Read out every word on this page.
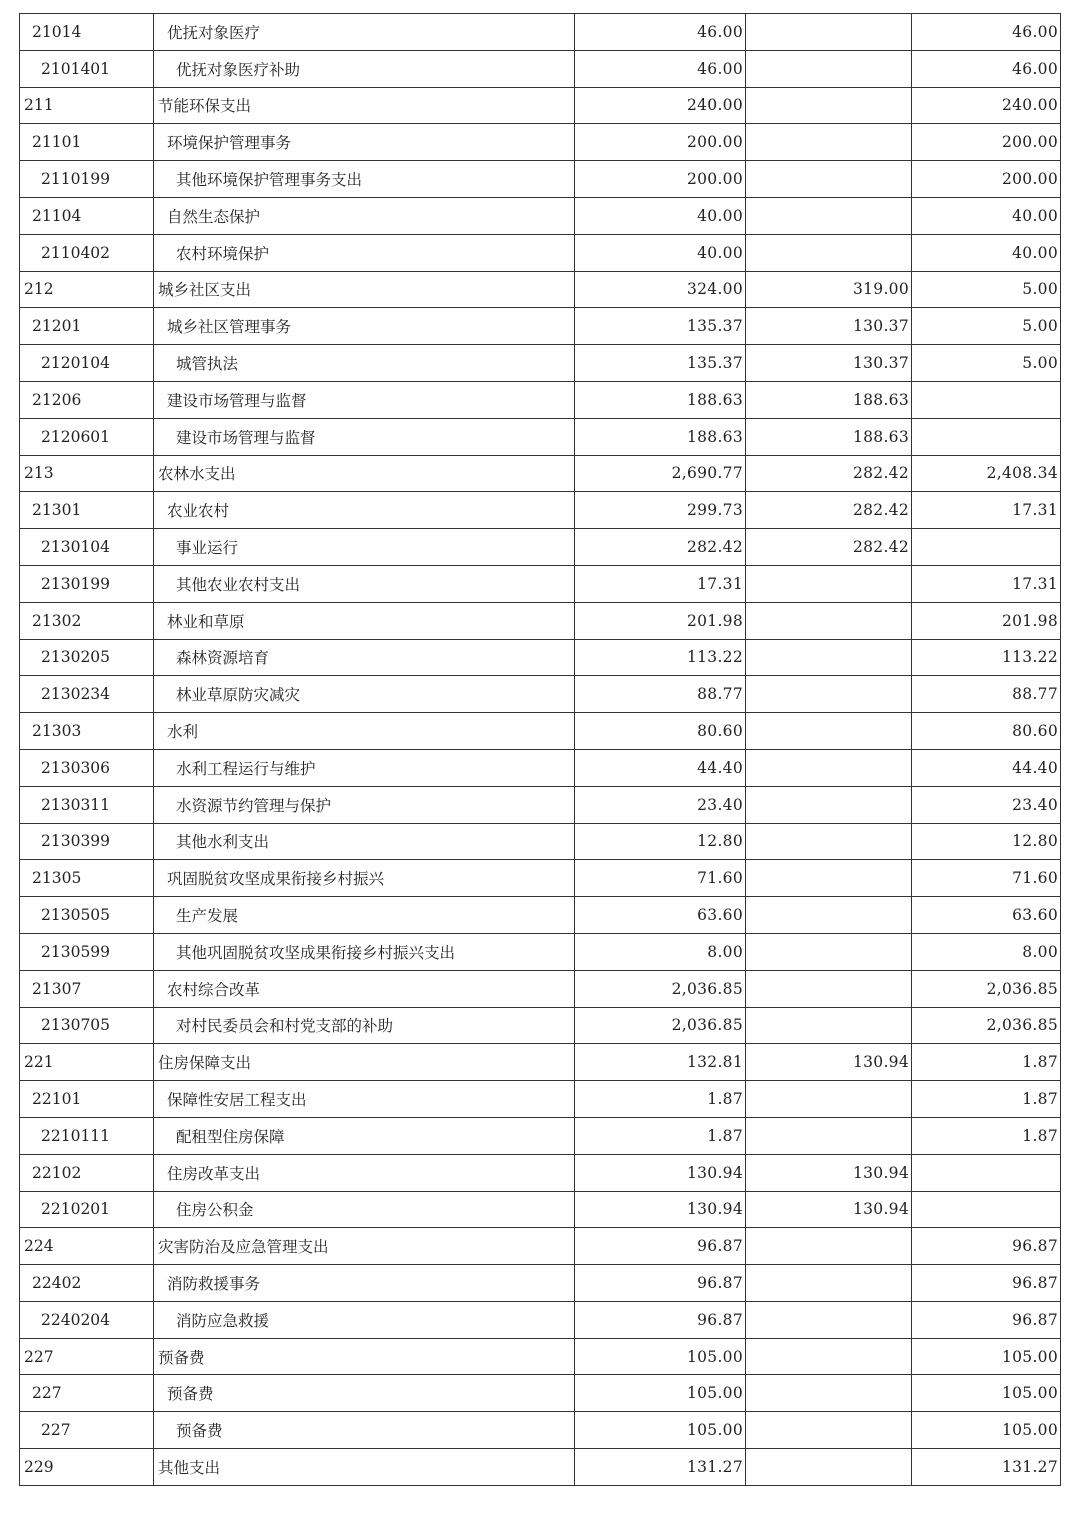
21014	优抚对象医疗	46.00		46.00
2101401	优抚对象医疗补助	46.00		46.00
211	节能环保支出	240.00		240.00
21101	环境保护管理事务	200.00		200.00
2110199	其他环境保护管理事务支出	200.00		200.00
21104	自然生态保护	40.00		40.00
2110402	农村环境保护	40.00		40.00
212	城乡社区支出	324.00	319.00	5.00
21201	城乡社区管理事务	135.37	130.37	5.00
2120104	城管执法	135.37	130.37	5.00
21206	建设市场管理与监督	188.63	188.63	
2120601	建设市场管理与监督	188.63	188.63	
213	农林水支出	2,690.77	282.42	2,408.34
21301	农业农村	299.73	282.42	17.31
2130104	事业运行	282.42	282.42	
2130199	其他农业农村支出	17.31		17.31
21302	林业和草原	201.98		201.98
2130205	森林资源培育	113.22		113.22
2130234	林业草原防灾减灾	88.77		88.77
21303	水利	80.60		80.60
2130306	水利工程运行与维护	44.40		44.40
2130311	水资源节约管理与保护	23.40		23.40
2130399	其他水利支出	12.80		12.80
21305	巩固脱贫攻坚成果衔接乡村振兴	71.60		71.60
2130505	生产发展	63.60		63.60
2130599	其他巩固脱贫攻坚成果衔接乡村振兴支出	8.00		8.00
21307	农村综合改革	2,036.85		2,036.85
2130705	对村民委员会和村党支部的补助	2,036.85		2,036.85
221	住房保障支出	132.81	130.94	1.87
22101	保障性安居工程支出	1.87		1.87
2210111	配租型住房保障	1.87		1.87
22102	住房改革支出	130.94	130.94	
2210201	住房公积金	130.94	130.94	
224	灾害防治及应急管理支出	96.87		96.87
22402	消防救援事务	96.87		96.87
2240204	消防应急救援	96.87		96.87
227	预备费	105.00		105.00
227	预备费	105.00		105.00
227	预备费	105.00		105.00
229	其他支出	131.27		131.27
